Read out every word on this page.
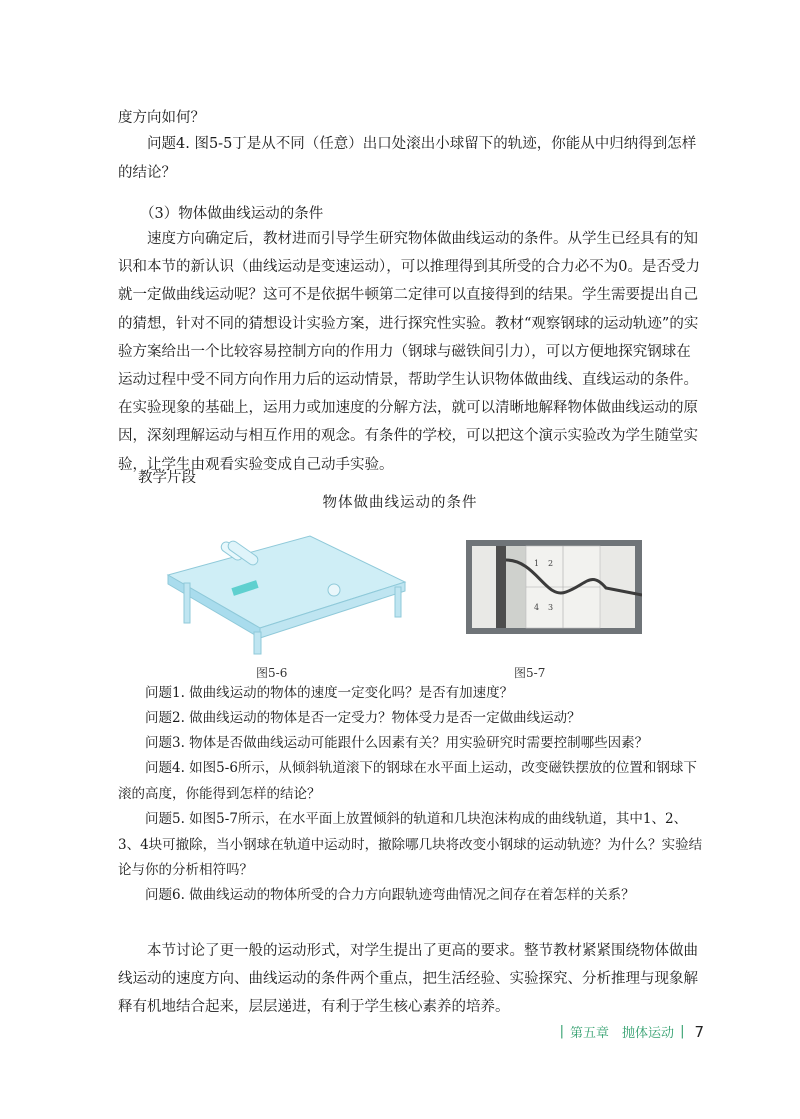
度方向如何？

问题4. 图5-5丁是从不同（任意）出口处滚出小球留下的轨迹，你能从中归纳得到怎样的结论？

（3）物体做曲线运动的条件

速度方向确定后，教材进而引导学生研究物体做曲线运动的条件。从学生已经具有的知识和本节的新认识（曲线运动是变速运动），可以推理得到其所受的合力必不为0。是否受力就一定做曲线运动呢？这可不是依据牛顿第二定律可以直接得到的结果。学生需要提出自己的猜想，针对不同的猜想设计实验方案，进行探究性实验。教材“观察钢球的运动轨迹”的实验方案给出一个比较容易控制方向的作用力（钢球与磁铁间引力），可以方便地探究钢球在运动过程中受不同方向作用力后的运动情景，帮助学生认识物体做曲线、直线运动的条件。在实验现象的基础上，运用力或加速度的分解方法，就可以清晰地解释物体做曲线运动的原因，深刻理解运动与相互作用的观念。有条件的学校，可以把这个演示实验改为学生随堂实验，让学生由观看实验变成自己动手实验。

教学片段
物体做曲线运动的条件
1 2
4 3
图5-6	图5-7

问题1. 做曲线运动的物体的速度一定变化吗？是否有加速度？

问题2. 做曲线运动的物体是否一定受力？物体受力是否一定做曲线运动？

问题3. 物体是否做曲线运动可能跟什么因素有关？用实验研究时需要控制哪些因素？

问题4. 如图5-6所示，从倾斜轨道滚下的钢球在水平面上运动，改变磁铁摆放的位置和钢球下滚的高度，你能得到怎样的结论？

问题5. 如图5-7所示，在水平面上放置倾斜的轨道和几块泡沫构成的曲线轨道，其中1、2、3、4块可撤除，当小钢球在轨道中运动时，撤除哪几块将改变小钢球的运动轨迹？为什么？实验结论与你的分析相符吗？

问题6. 做曲线运动的物体所受的合力方向跟轨迹弯曲情况之间存在着怎样的关系？

本节讨论了更一般的运动形式，对学生提出了更高的要求。整节教材紧紧围绕物体做曲线运动的速度方向、曲线运动的条件两个重点，把生活经验、实验探究、分析推理与现象解释有机地结合起来，层层递进，有利于学生核心素养的培养。

| 第五章　抛体运动 | 7
